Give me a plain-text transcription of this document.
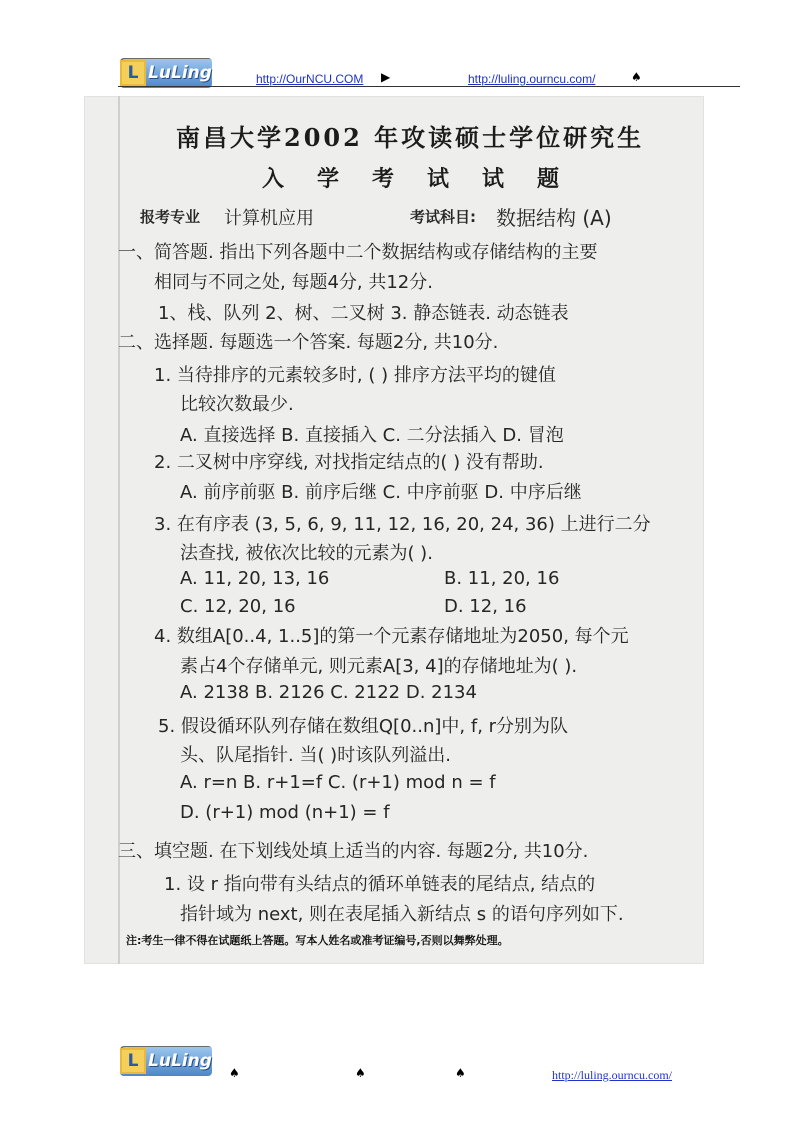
L LuLing	http://OurNCU.COM ▶	http://luling.ourncu.com/	♠
南昌大学2002 年攻读硕士学位研究生
入学考试试题
报考专业 计算机应用	考试科目: 数据结构 (A)
一、简答题. 指出下列各题中二个数据结构或存储结构的主要
相同与不同之处, 每题4分, 共12分.
1、栈、队列 2、树、二叉树 3. 静态链表. 动态链表
二、选择题. 每题选一个答案. 每题2分, 共10分.
1. 当待排序的元素较多时, ( ) 排序方法平均的键值
比较次数最少.
A. 直接选择 B. 直接插入 C. 二分法插入 D. 冒泡
2. 二叉树中序穿线, 对找指定结点的( ) 没有帮助.
A. 前序前驱 B. 前序后继 C. 中序前驱 D. 中序后继
3. 在有序表 (3, 5, 6, 9, 11, 12, 16, 20, 24, 36) 上进行二分
法查找, 被依次比较的元素为( ).
A. 11, 20, 13, 16	B. 11, 20, 16
C. 12, 20, 16	D. 12, 16
4. 数组A[0..4, 1..5]的第一个元素存储地址为2050, 每个元
素占4个存储单元, 则元素A[3, 4]的存储地址为( ).
A. 2138 B. 2126 C. 2122 D. 2134
5. 假设循环队列存储在数组Q[0..n]中, f, r分别为队
头、队尾指针. 当( )时该队列溢出.
A. r=n B. r+1=f C. (r+1) mod n = f
D. (r+1) mod (n+1) = f
三、填空题. 在下划线处填上适当的内容. 每题2分, 共10分.
1. 设 r 指向带有头结点的循环单链表的尾结点, 结点的
指针域为 next, 则在表尾插入新结点 s 的语句序列如下.
注:考生一律不得在试题纸上答题。写本人姓名或准考证编号,否则以舞弊处理。
L LuLing
♠	♠	♠	http://luling.ourncu.com/
